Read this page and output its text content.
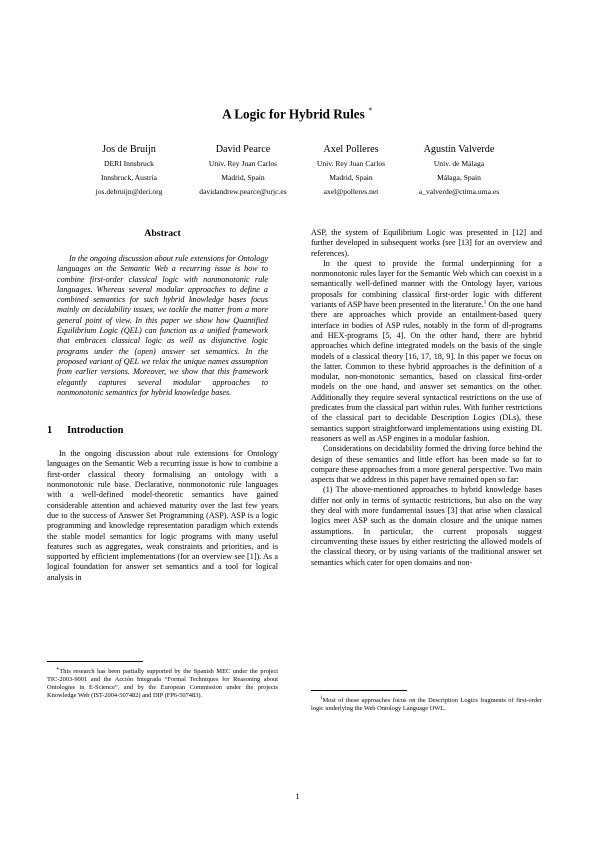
A Logic for Hybrid Rules ∗
Jos de Bruijn
DERI Innsbruck
Innsbruck, Austria
jos.debruijn@deri.org
David Pearce
Univ. Rey Juan Carlos
Madrid, Spain
davidandrew.pearce@urjc.es
Axel Polleres
Univ. Rey Juan Carlos
Madrid, Spain
axel@polleres.net
Agustín Valverde
Univ. de Málaga
Málaga, Spain
a_valverde@ctima.uma.es
Abstract

In the ongoing discussion about rule extensions for Ontology languages on the Semantic Web a recurring issue is how to combine first-order classical logic with nonmonotonic rule languages. Whereas several modular approaches to define a combined semantics for such hybrid knowledge bases focus mainly on decidability issues, we tackle the matter from a more general point of view. In this paper we show how Quantified Equilibrium Logic (QEL) can function as a unified framework that embraces classical logic as well as disjunctive logic programs under the (open) answer set semantics. In the proposed variant of QEL we relax the unique names assumption from earlier versions. Moreover, we show that this framework elegantly captures several modular approaches to nonmonotonic semantics for hybrid knowledge bases.

1 Introduction

In the ongoing discussion about rule extensions for Ontology languages on the Semantic Web a recurring issue is how to combine a first-order classical theory formalising an ontology with a nonmonotonic rule base. Declarative, nonmonotonic rule languages with a well-defined model-theoretic semantics have gained considerable attention and achieved maturity over the last few years due to the success of Answer Set Programming (ASP). ASP is a logic programming and knowledge representation paradigm which extends the stable model semantics for logic programs with many useful features such as aggregates, weak constraints and priorities, and is supported by efficient implementations (for an overview see [1]). As a logical foundation for answer set semantics and a tool for logical analysis in

ASP, the system of Equilibrium Logic was presented in [12] and further developed in subsequent works (see [13] for an overview and references).

In the quest to provide the formal underpinning for a nonmonotonic rules layer for the Semantic Web which can coexist in a semantically well-defined manner with the Ontology layer, various proposals for combining classical first-order logic with different variants of ASP have been presented in the literature.$^1$ On the one hand there are approaches which provide an entailment-based query interface in bodies of ASP rules, notably in the form of dl-programs and HEX-programs [5, 4]. On the other hand, there are hybrid approaches which define integrated models on the basis of the single models of a classical theory [16, 17, 18, 9]. In this paper we focus on the latter. Common to these hybrid approaches is the definition of a modular, non-monotonic semantics, based on classical first-order models on the one hand, and answer set semantics on the other. Additionally they require several syntactical restrictions on the use of predicates from the classical part within rules. With further restrictions of the classical part to decidable Description Logics (DLs), these semantics support straightforward implementations using existing DL reasoners as well as ASP engines in a modular fashion.

Considerations on decidability formed the driving force behind the design of these semantics and little effort has been made so far to compare these approaches from a more general perspective. Two main aspects that we address in this paper have remained open so far:

(1) The above-mentioned approaches to hybrid knowledge bases differ not only in terms of syntactic restrictions, but also on the way they deal with more fundamental issues [3] that arise when classical logics meet ASP such as the domain closure and the unique names assumptions. In particular, the current proposals suggest circumventing these issues by either restricting the allowed models of the classical theory, or by using variants of the traditional answer set semantics which cater for open domains and non-

∗This research has been partially supported by the Spanish MEC under the project TIC-2003-9001 and the Acción Integrada “Formal Techniques for Reasoning about Ontologies in E-Science”, and by the European Commission under the projects Knowledge Web (IST-2004-507482) and DIP (FP6-507483).	$^1$Most of these approaches focus on the Description Logics fragments of first-order logic underlying the Web Ontology Language OWL.

1
